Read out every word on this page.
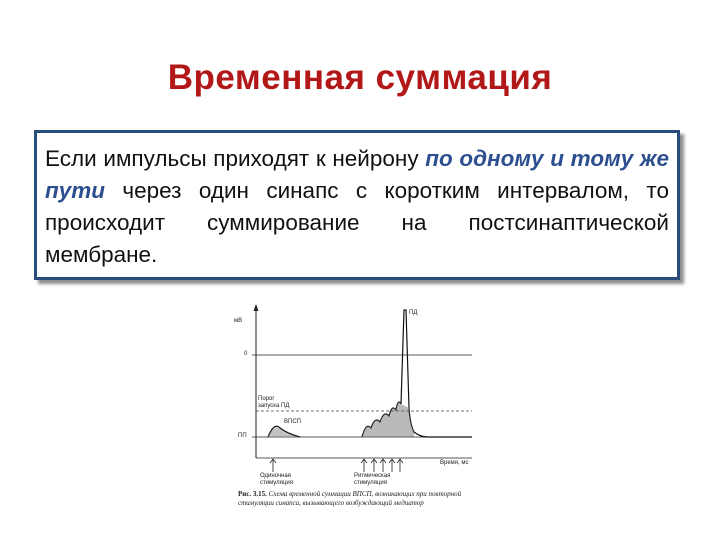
Временная суммация

Если импульсы приходят к нейрону по одному и тому же пути через один синапс с коротким интервалом, то происходит суммирование на постсинаптической мембране.

мВ
0
ПД
Порог
запуска ПД
ВПСП
ПП
Время, мс
Одиночная
стимуляция
Ритмическая
стимуляция
Рис. 3.15. Схема временной суммации ВПСП, возникающих при повторной стимуляции синапса, вызывающего возбуждающий медиатор
